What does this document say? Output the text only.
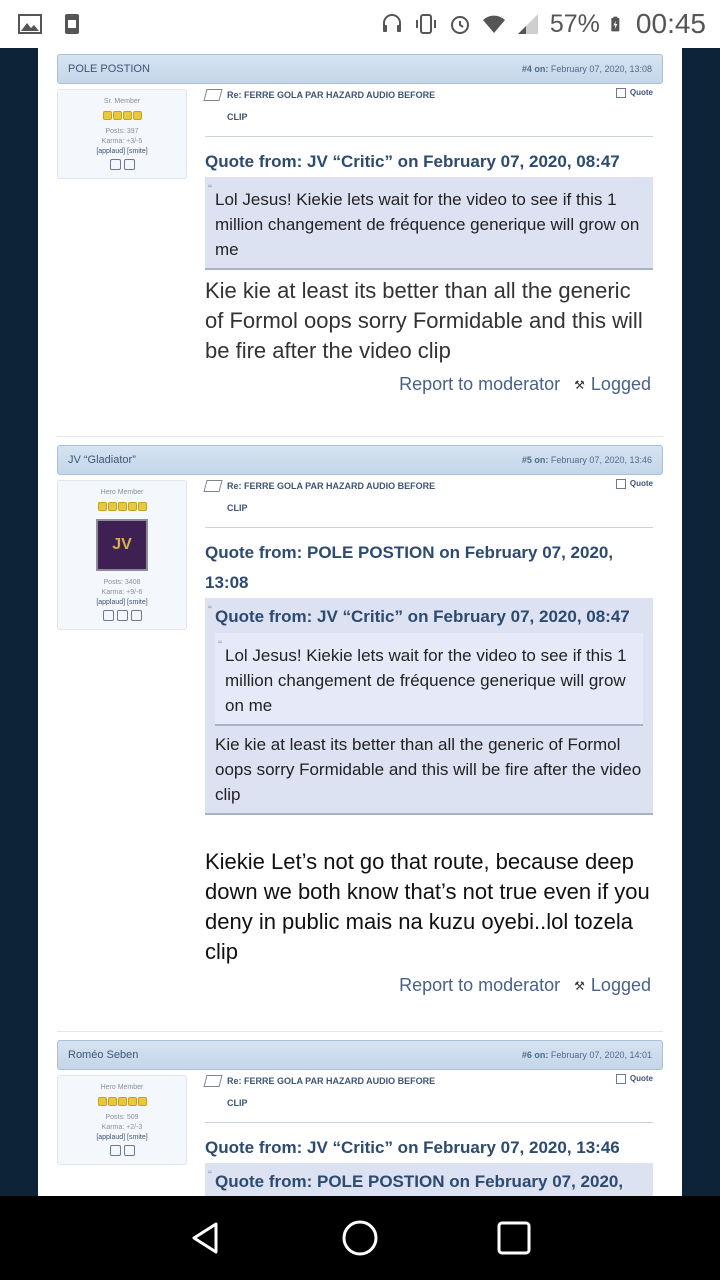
57% 00:45
POLE POSTION	#4 on: February 07, 2020, 13:08
Sr. Member
Posts: 397
Karma: +3/-5
[applaud] [smite]
Re: FERRE GOLA PAR HAZARD AUDIO BEFORE CLIP
Quote
Quote from: JV “Critic” on February 07, 2020, 08:47
“
Lol Jesus! Kiekie lets wait for the video to see if this 1 million changement de fréquence generique will grow on me
Kie kie at least its better than all the generic of Formol oops sorry Formidable and this will be fire after the video clip
Report to moderator ⚒ Logged
JV “Gladiator”	#5 on: February 07, 2020, 13:46
Hero Member
JV
Posts: 3408
Karma: +9/-6
[applaud] [smite]
Re: FERRE GOLA PAR HAZARD AUDIO BEFORE CLIP
Quote
Quote from: POLE POSTION on February 07, 2020, 13:08
“ Quote from: JV “Critic” on February 07, 2020, 08:47
“
Lol Jesus! Kiekie lets wait for the video to see if this 1 million changement de fréquence generique will grow on me
Kie kie at least its better than all the generic of Formol oops sorry Formidable and this will be fire after the video clip
Kiekie Let’s not go that route, because deep down we both know that’s not true even if you deny in public mais na kuzu oyebi..lol tozela clip
Report to moderator ⚒ Logged
Roméo Seben	#6 on: February 07, 2020, 14:01
Hero Member
Posts: 509
Karma: +2/-3
[applaud] [smite]
Re: FERRE GOLA PAR HAZARD AUDIO BEFORE CLIP
Quote
Quote from: JV “Critic” on February 07, 2020, 13:46
“ Quote from: POLE POSTION on February 07, 2020,
